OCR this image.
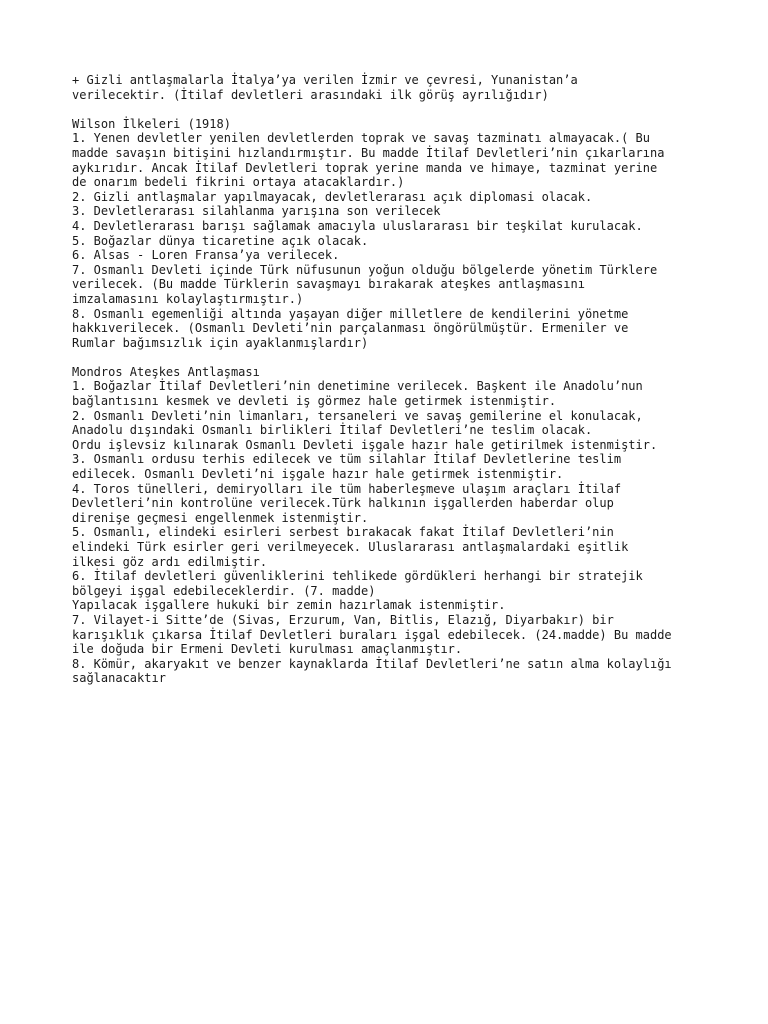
+ Gizli antlaşmalarla İtalya’ya verilen İzmir ve çevresi, Yunanistan’a
verilecektir. (İtilaf devletleri arasındaki ilk görüş ayrılığıdır)
Wilson İlkeleri (1918)
1. Yenen devletler yenilen devletlerden toprak ve savaş tazminatı almayacak.( Bu
madde savaşın bitişini hızlandırmıştır. Bu madde İtilaf Devletleri’nin çıkarlarına
aykırıdır. Ancak İtilaf Devletleri toprak yerine manda ve himaye, tazminat yerine
de onarım bedeli fikrini ortaya atacaklardır.)
2. Gizli antlaşmalar yapılmayacak, devletlerarası açık diplomasi olacak.
3. Devletlerarası silahlanma yarışına son verilecek
4. Devletlerarası barışı sağlamak amacıyla uluslararası bir teşkilat kurulacak.
5. Boğazlar dünya ticaretine açık olacak.
6. Alsas - Loren Fransa’ya verilecek.
7. Osmanlı Devleti içinde Türk nüfusunun yoğun olduğu bölgelerde yönetim Türklere
verilecek. (Bu madde Türklerin savaşmayı bırakarak ateşkes antlaşmasını
imzalamasını kolaylaştırmıştır.)
8. Osmanlı egemenliği altında yaşayan diğer milletlere de kendilerini yönetme
hakkıverilecek. (Osmanlı Devleti’nin parçalanması öngörülmüştür. Ermeniler ve
Rumlar bağımsızlık için ayaklanmışlardır)
Mondros Ateşkes Antlaşması
1. Boğazlar İtilaf Devletleri’nin denetimine verilecek. Başkent ile Anadolu’nun
bağlantısını kesmek ve devleti iş görmez hale getirmek istenmiştir.
2. Osmanlı Devleti’nin limanları, tersaneleri ve savaş gemilerine el konulacak,
Anadolu dışındaki Osmanlı birlikleri İtilaf Devletleri’ne teslim olacak.
Ordu işlevsiz kılınarak Osmanlı Devleti işgale hazır hale getirilmek istenmiştir.
3. Osmanlı ordusu terhis edilecek ve tüm silahlar İtilaf Devletlerine teslim
edilecek. Osmanlı Devleti’ni işgale hazır hale getirmek istenmiştir.
4. Toros tünelleri, demiryolları ile tüm haberleşmeve ulaşım araçları İtilaf
Devletleri’nin kontrolüne verilecek.Türk halkının işgallerden haberdar olup
direnişe geçmesi engellenmek istenmiştir.
5. Osmanlı, elindeki esirleri serbest bırakacak fakat İtilaf Devletleri’nin
elindeki Türk esirler geri verilmeyecek. Uluslararası antlaşmalardaki eşitlik
ilkesi göz ardı edilmiştir.
6. İtilaf devletleri güvenliklerini tehlikede gördükleri herhangi bir stratejik
bölgeyi işgal edebileceklerdir. (7. madde)
Yapılacak işgallere hukuki bir zemin hazırlamak istenmiştir.
7. Vilayet-i Sitte’de (Sivas, Erzurum, Van, Bitlis, Elazığ, Diyarbakır) bir
karışıklık çıkarsa İtilaf Devletleri buraları işgal edebilecek. (24.madde) Bu madde
ile doğuda bir Ermeni Devleti kurulması amaçlanmıştır.
8. Kömür, akaryakıt ve benzer kaynaklarda İtilaf Devletleri’ne satın alma kolaylığı
sağlanacaktır
